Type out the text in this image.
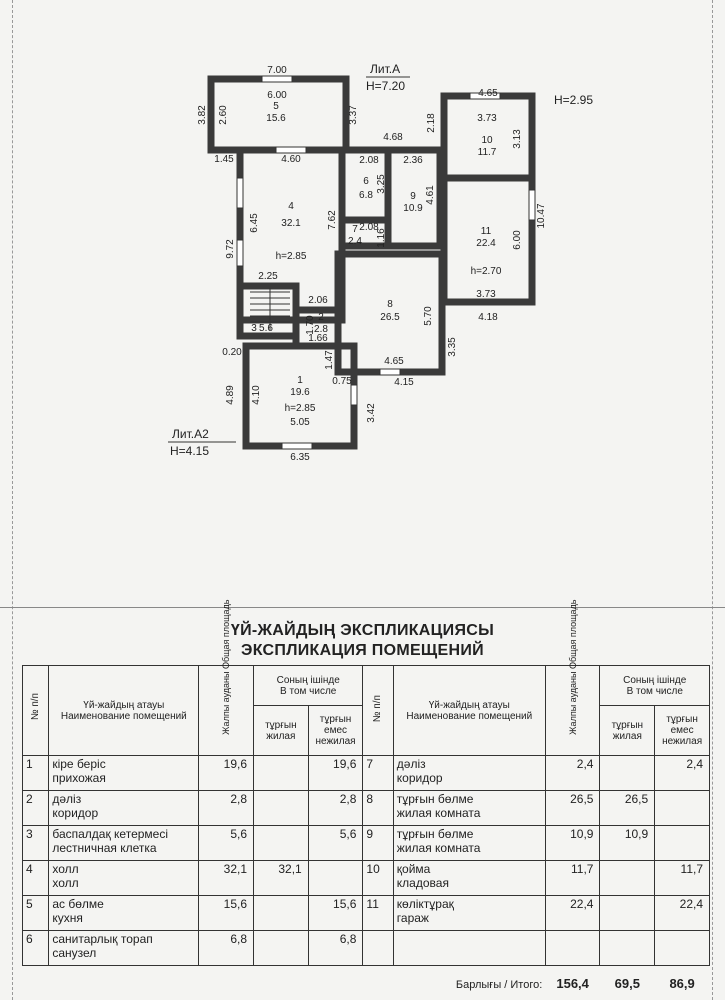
Лит.А
H=7.20
H=2.95
Лит.А2
H=4.15
5
15.6
4
32.1
h=2.85
6
6.8	9
10.9
10
11.7
11
22.4
h=2.70
7
2.4
8
26.5
2
2.8
3 5.6
1
19.6
h=2.85
7.00
6.00
3.82 2.60	3.37
1.45	4.60
4.68
2.18
4.65
2.08 2.36
3.25
4.61
3.73
3.13
6.45	7.62
9.72
2.08
1.16
10.47
6.00
2.25
2.06
1.70
1.66
5.70
3.73
4.18
3.35
0.20	1.47	4.65
4.15
4.89 4.10
0.75
3.42
5.05
6.35
ҮЙ-ЖАЙДЫҢ ЭКСПЛИКАЦИЯСЫ
ЭКСПЛИКАЦИЯ ПОМЕЩЕНИЙ
№ п/п	Үй-жайдың атауы
Наименование помещений	Жалпы ауданы Общая площадь	Соның ішінде
В том числе		№ п/п	Үй-жайдың атауы
Наименование помещений	Жалпы ауданы Общая площадь	Соның ішінде
В том числе	
			тұрғын
жилая	тұрғын емес
нежилая				тұрғын
жилая	тұрғын емес
нежилая
1	кіре беріс
прихожая	19,6		19,6	7	дәліз
коридор	2,4		2,4
2	дәліз
коридор	2,8		2,8	8	тұрғын бөлме
жилая комната	26,5	26,5	
3	баспалдақ кетермесі
лестничная клетка	5,6		5,6	9	тұрғын бөлме
жилая комната	10,9	10,9	
4	холл
холл	32,1	32,1		10	қойма
кладовая	11,7		11,7
5	ас бөлме
кухня	15,6		15,6	11	көліктұрақ
гараж	22,4		22,4
6	санитарлық торап
санузел	6,8		6,8		

						Барлығы / Итого:	156,4	69,5	86,9
